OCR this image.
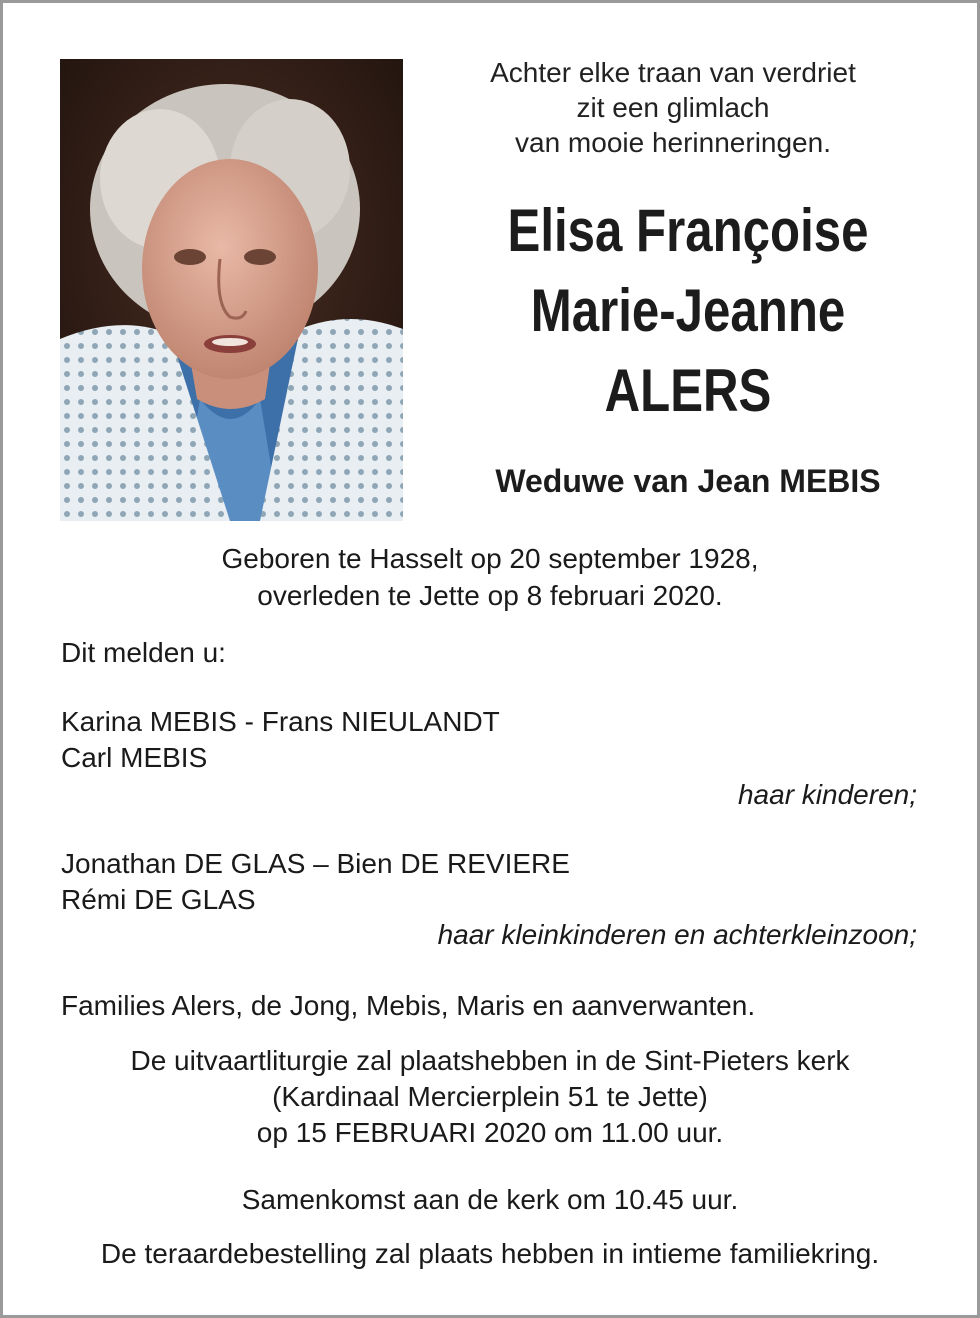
Achter elke traan van verdriet
zit een glimlach
van mooie herinneringen.
Elisa Françoise
Marie-Jeanne
ALERS
Weduwe van Jean MEBIS
Geboren te Hasselt op 20 september 1928,
overleden te Jette op 8 februari 2020.
Dit melden u:
Karina MEBIS - Frans NIEULANDT
Carl MEBIS
haar kinderen;
Jonathan DE GLAS – Bien DE REVIERE
Rémi DE GLAS
haar kleinkinderen en achterkleinzoon;
Families Alers, de Jong, Mebis, Maris en aanverwanten.
De uitvaartliturgie zal plaatshebben in de Sint-Pieters kerk
(Kardinaal Mercierplein 51 te Jette)
op 15 FEBRUARI 2020 om 11.00 uur.
Samenkomst aan de kerk om 10.45 uur.
De teraardebestelling zal plaats hebben in intieme familiekring.
